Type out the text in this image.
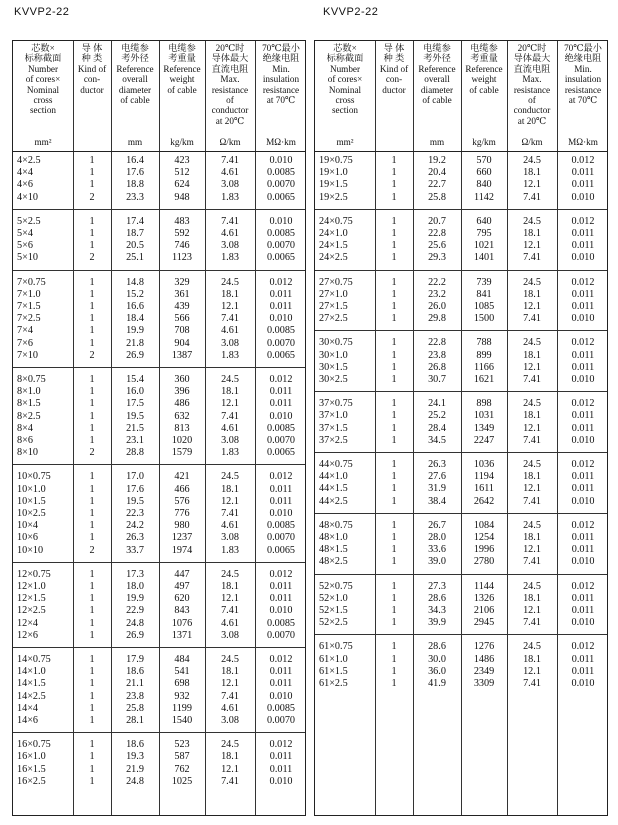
KVVP2-22	KVVP2-22
芯数×
标称截面
Number
of cores×
Nominal
cross
section
mm²
导 体
种 类
Kind of
con-
ductor
电缆参
考外径
Reference
overall
diameter
of cable
mm
电缆参
考重量
Reference
weight
of cable
kg/km
20℃时
导体最大
直流电阻
Max.
resistance
of
conductor
at 20℃
Ω/km
70℃最小
绝缘电阻
Min.
insulation
resistance
at 70℃
MΩ·km
4×2.5	1	16.4	423	7.41	0.010
4×4	1	17.6	512	4.61	0.0085
4×6	1	18.8	624	3.08	0.0070
4×10	2	23.3	948	1.83	0.0065
5×2.5	1	17.4	483	7.41	0.010
5×4	1	18.7	592	4.61	0.0085
5×6	1	20.5	746	3.08	0.0070
5×10	2	25.1	1123	1.83	0.0065
7×0.75	1	14.8	329	24.5	0.012
7×1.0	1	15.2	361	18.1	0.011
7×1.5	1	16.6	439	12.1	0.011
7×2.5	1	18.4	566	7.41	0.010
7×4	1	19.9	708	4.61	0.0085
7×6	1	21.8	904	3.08	0.0070
7×10	2	26.9	1387	1.83	0.0065
8×0.75	1	15.4	360	24.5	0.012
8×1.0	1	16.0	396	18.1	0.011
8×1.5	1	17.5	486	12.1	0.011
8×2.5	1	19.5	632	7.41	0.010
8×4	1	21.5	813	4.61	0.0085
8×6	1	23.1	1020	3.08	0.0070
8×10	2	28.8	1579	1.83	0.0065
10×0.75	1	17.0	421	24.5	0.012
10×1.0	1	17.6	466	18.1	0.011
10×1.5	1	19.5	576	12.1	0.011
10×2.5	1	22.3	776	7.41	0.010
10×4	1	24.2	980	4.61	0.0085
10×6	1	26.3	1237	3.08	0.0070
10×10	2	33.7	1974	1.83	0.0065
12×0.75	1	17.3	447	24.5	0.012
12×1.0	1	18.0	497	18.1	0.011
12×1.5	1	19.9	620	12.1	0.011
12×2.5	1	22.9	843	7.41	0.010
12×4	1	24.8	1076	4.61	0.0085
12×6	1	26.9	1371	3.08	0.0070
14×0.75	1	17.9	484	24.5	0.012
14×1.0	1	18.6	541	18.1	0.011
14×1.5	1	21.1	698	12.1	0.011
14×2.5	1	23.8	932	7.41	0.010
14×4	1	25.8	1199	4.61	0.0085
14×6	1	28.1	1540	3.08	0.0070
16×0.75	1	18.6	523	24.5	0.012
16×1.0	1	19.3	587	18.1	0.011
16×1.5	1	21.9	762	12.1	0.011
16×2.5	1	24.8	1025	7.41	0.010
芯数×
标称截面
Number
of cores×
Nominal
cross
section
mm²
导 体
种 类
Kind of
con-
ductor
电缆参
考外径
Reference
overall
diameter
of cable
mm
电缆参
考重量
Reference
weight
of cable
kg/km
20℃时
导体最大
直流电阻
Max.
resistance
of
conductor
at 20℃
Ω/km
70℃最小
绝缘电阻
Min.
insulation
resistance
at 70℃
MΩ·km
19×0.75	1	19.2	570	24.5	0.012
19×1.0	1	20.4	660	18.1	0.011
19×1.5	1	22.7	840	12.1	0.011
19×2.5	1	25.8	1142	7.41	0.010
24×0.75	1	20.7	640	24.5	0.012
24×1.0	1	22.8	795	18.1	0.011
24×1.5	1	25.6	1021	12.1	0.011
24×2.5	1	29.3	1401	7.41	0.010
27×0.75	1	22.2	739	24.5	0.012
27×1.0	1	23.2	841	18.1	0.011
27×1.5	1	26.0	1085	12.1	0.011
27×2.5	1	29.8	1500	7.41	0.010
30×0.75	1	22.8	788	24.5	0.012
30×1.0	1	23.8	899	18.1	0.011
30×1.5	1	26.8	1166	12.1	0.011
30×2.5	1	30.7	1621	7.41	0.010
37×0.75	1	24.1	898	24.5	0.012
37×1.0	1	25.2	1031	18.1	0.011
37×1.5	1	28.4	1349	12.1	0.011
37×2.5	1	34.5	2247	7.41	0.010
44×0.75	1	26.3	1036	24.5	0.012
44×1.0	1	27.6	1194	18.1	0.011
44×1.5	1	31.9	1611	12.1	0.011
44×2.5	1	38.4	2642	7.41	0.010
48×0.75	1	26.7	1084	24.5	0.012
48×1.0	1	28.0	1254	18.1	0.011
48×1.5	1	33.6	1996	12.1	0.011
48×2.5	1	39.0	2780	7.41	0.010
52×0.75	1	27.3	1144	24.5	0.012
52×1.0	1	28.6	1326	18.1	0.011
52×1.5	1	34.3	2106	12.1	0.011
52×2.5	1	39.9	2945	7.41	0.010
61×0.75	1	28.6	1276	24.5	0.012
61×1.0	1	30.0	1486	18.1	0.011
61×1.5	1	36.0	2349	12.1	0.011
61×2.5	1	41.9	3309	7.41	0.010
